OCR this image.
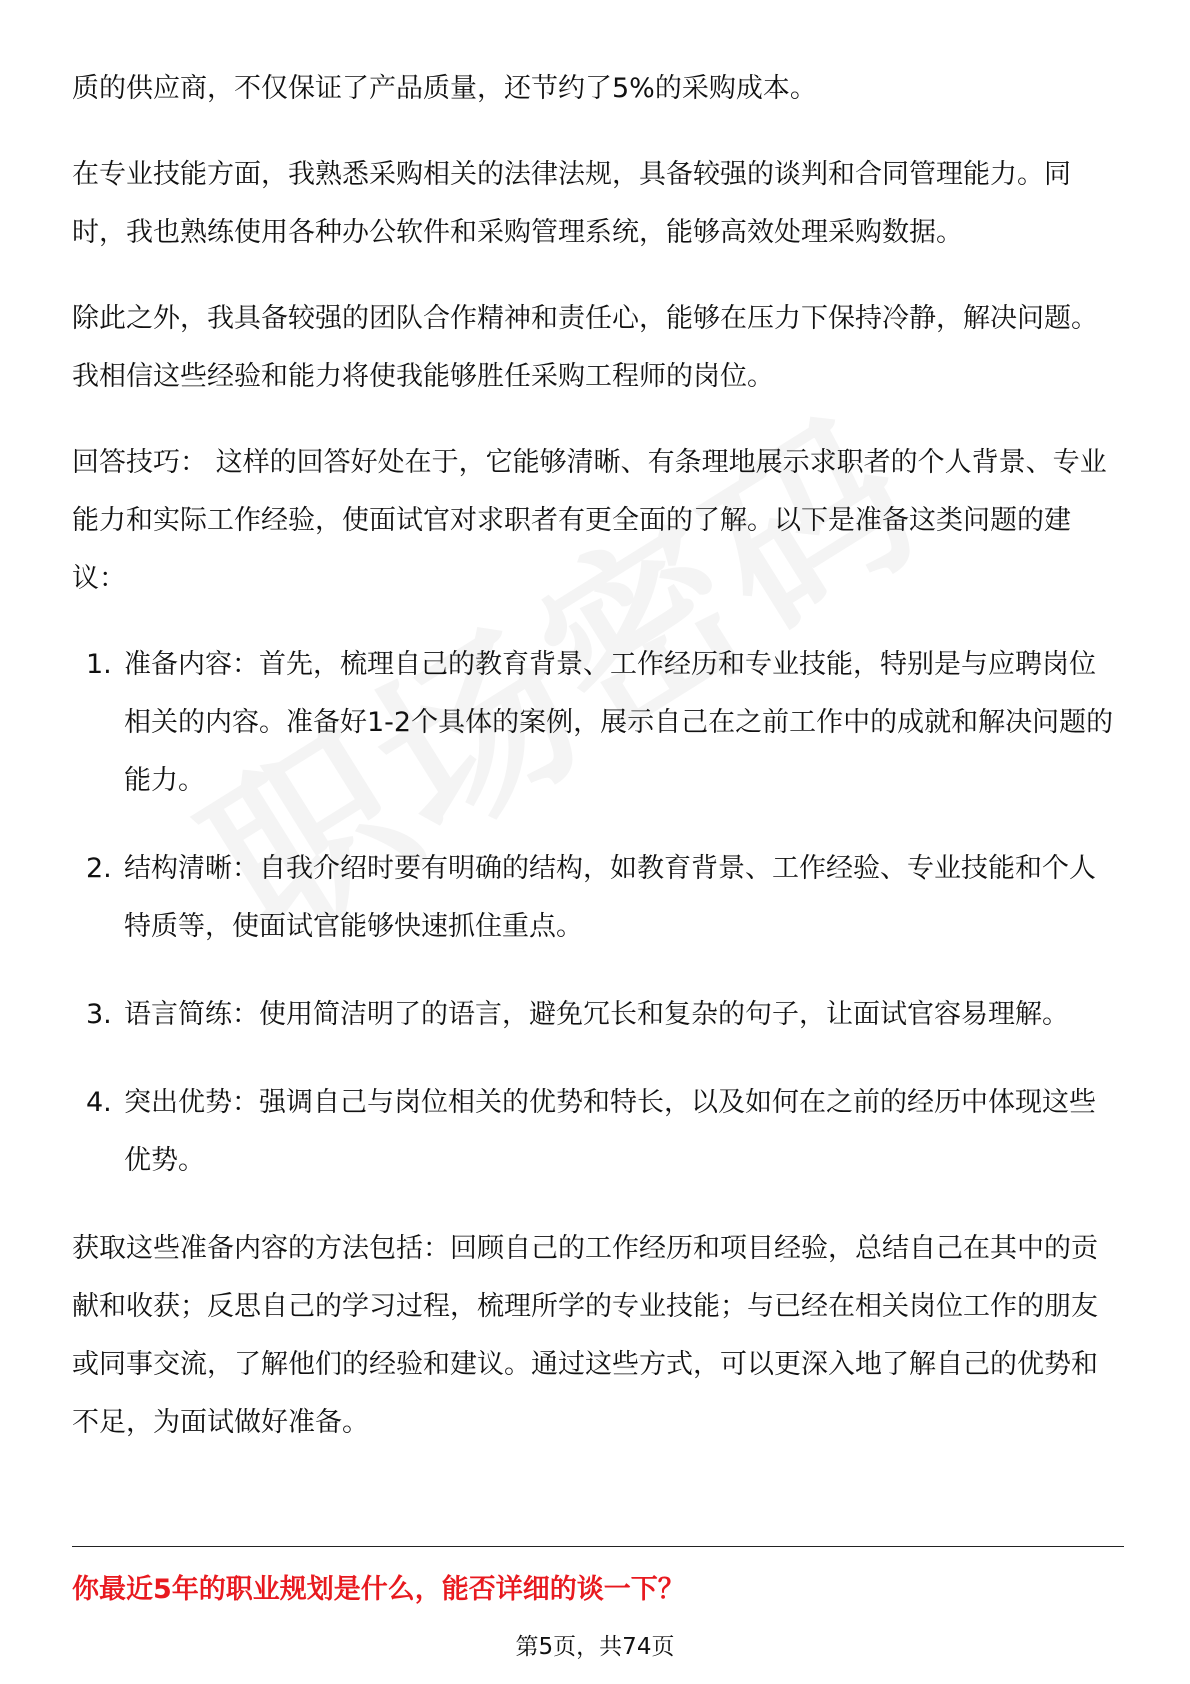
质的供应商，不仅保证了产品质量，还节约了5%的采购成本。

在专业技能方面，我熟悉采购相关的法律法规，具备较强的谈判和合同管理能力。同时，我也熟练使用各种办公软件和采购管理系统，能够高效处理采购数据。

除此之外，我具备较强的团队合作精神和责任心，能够在压力下保持冷静，解决问题。我相信这些经验和能力将使我能够胜任采购工程师的岗位。

回答技巧： 这样的回答好处在于，它能够清晰、有条理地展示求职者的个人背景、专业能力和实际工作经验，使面试官对求职者有更全面的了解。以下是准备这类问题的建议：

1. 准备内容：首先，梳理自己的教育背景、工作经历和专业技能，特别是与应聘岗位相关的内容。准备好1-2个具体的案例，展示自己在之前工作中的成就和解决问题的能力。
2. 结构清晰：自我介绍时要有明确的结构，如教育背景、工作经验、专业技能和个人特质等，使面试官能够快速抓住重点。
3. 语言简练：使用简洁明了的语言，避免冗长和复杂的句子，让面试官容易理解。
4. 突出优势：强调自己与岗位相关的优势和特长，以及如何在之前的经历中体现这些优势。

获取这些准备内容的方法包括：回顾自己的工作经历和项目经验，总结自己在其中的贡献和收获；反思自己的学习过程，梳理所学的专业技能；与已经在相关岗位工作的朋友或同事交流，了解他们的经验和建议。通过这些方式，可以更深入地了解自己的优势和不足，为面试做好准备。

你最近5年的职业规划是什么，能否详细的谈一下？
第5页，共74页
